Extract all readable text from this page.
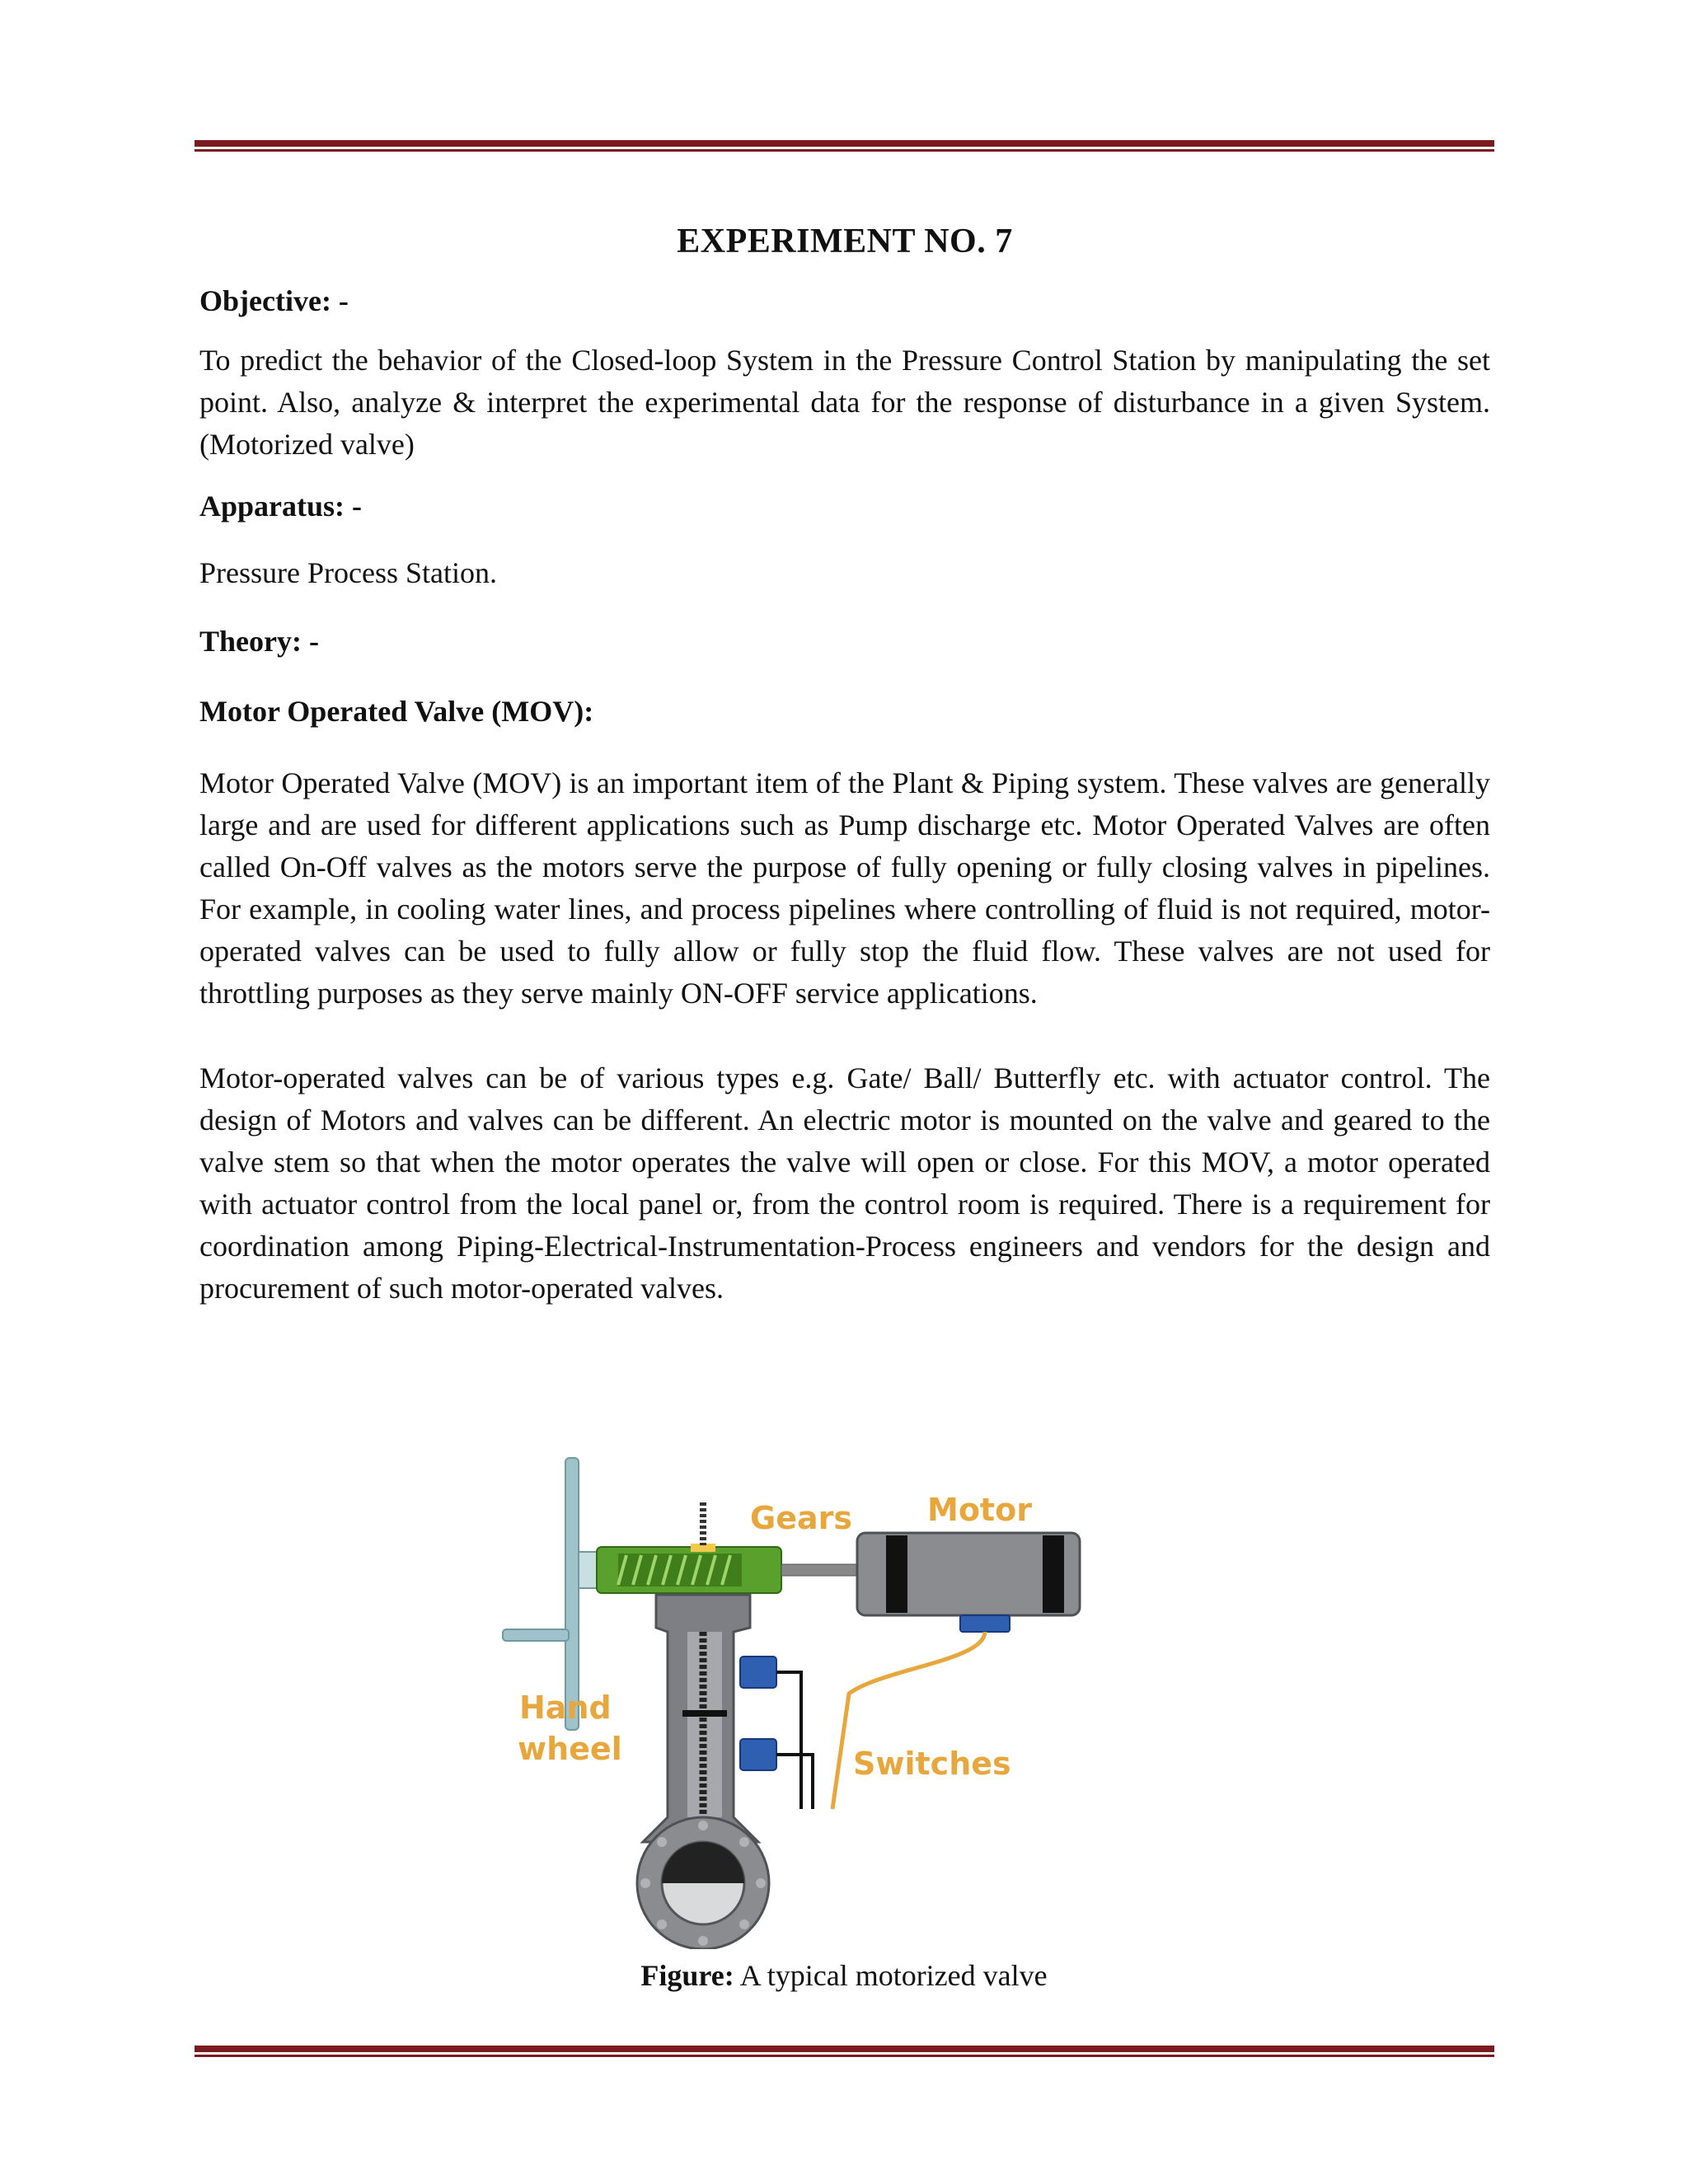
EXPERIMENT NO. 7

Objective: -

To predict the behavior of the Closed-loop System in the Pressure Control Station by manipulating the set point. Also, analyze & interpret the experimental data for the response of disturbance in a given System. (Motorized valve)

Apparatus: -

Pressure Process Station.

Theory: -

Motor Operated Valve (MOV):

Motor Operated Valve (MOV) is an important item of the Plant & Piping system. These valves are generally large and are used for different applications such as Pump discharge etc. Motor Operated Valves are often called On-Off valves as the motors serve the purpose of fully opening or fully closing valves in pipelines. For example, in cooling water lines, and process pipelines where controlling of fluid is not required, motor-operated valves can be used to fully allow or fully stop the fluid flow. These valves are not used for throttling purposes as they serve mainly ON-OFF service applications.

Motor-operated valves can be of various types e.g. Gate/ Ball/ Butterfly etc. with actuator control. The design of Motors and valves can be different. An electric motor is mounted on the valve and geared to the valve stem so that when the motor operates the valve will open or close. For this MOV, a motor operated with actuator control from the local panel or, from the control room is required. There is a requirement for coordination among Piping-Electrical-Instrumentation-Process engineers and vendors for the design and procurement of such motor-operated valves.

Gears Motor
Hand
wheel	Switches
Figure: A typical motorized valve
